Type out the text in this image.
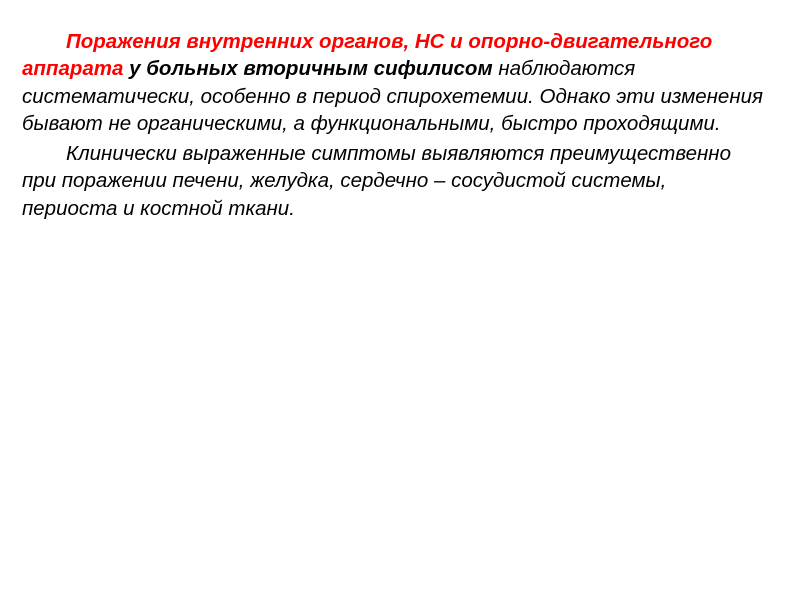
Поражения внутренних органов, НС и опорно-двигательного аппарата у больных вторичным сифилисом наблюдаются систематически, особенно в период спирохетемии. Однако эти изменения бывают не органическими, а функциональными, быстро проходящими.

Клинически выраженные симптомы выявляются преимущественно при поражении печени, желудка, сердечно – сосудистой системы, периоста и костной ткани.
